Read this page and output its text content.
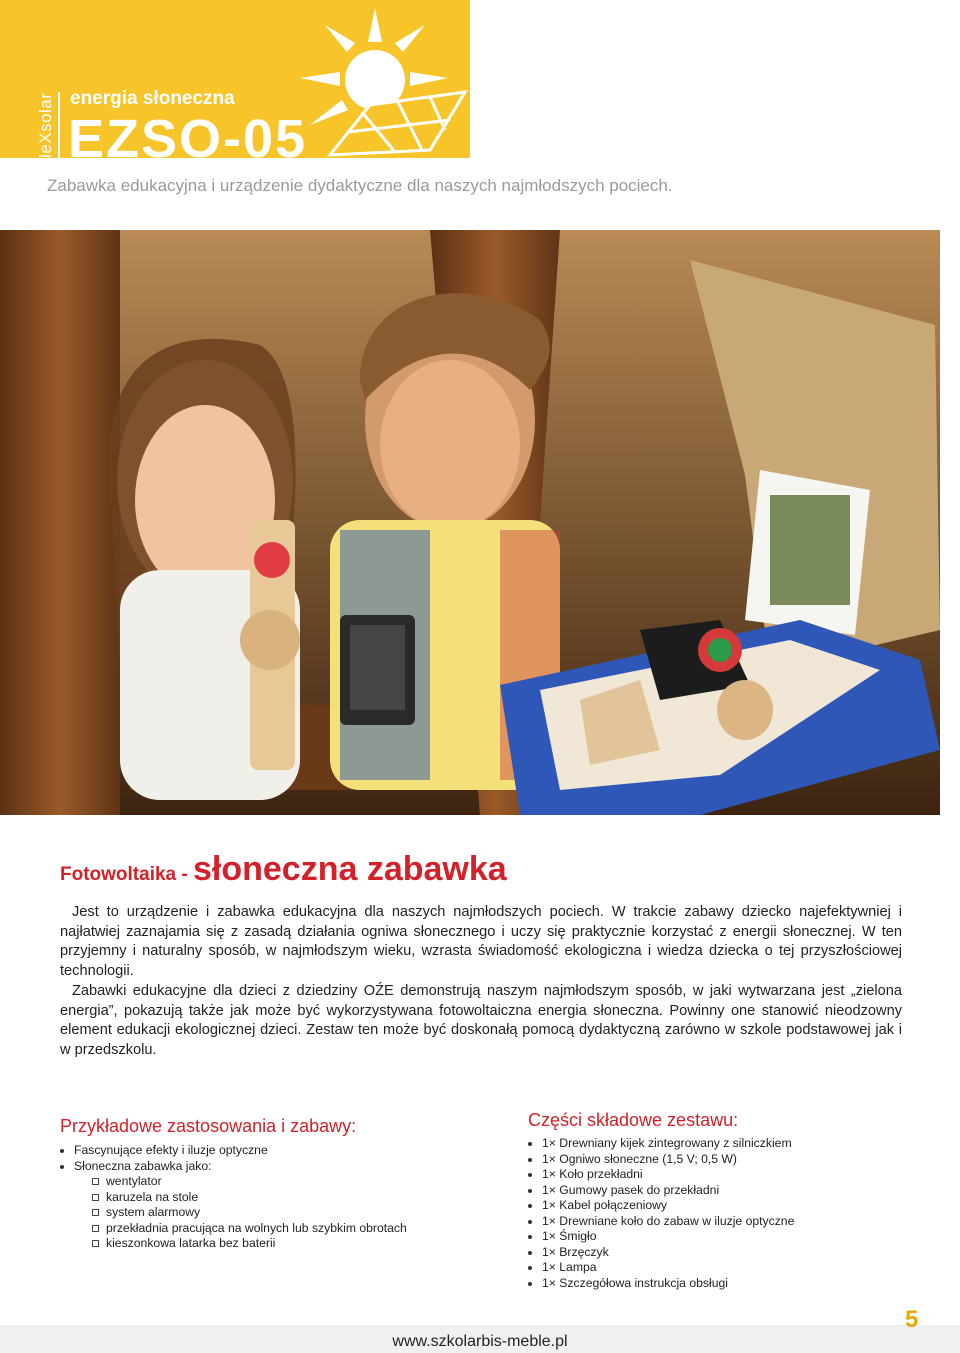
leXsolar energia słoneczna
EZSO-05
Zabawka edukacyjna i urządzenie dydaktyczne dla naszych najmłodszych pociech.
Fotowoltaika - słoneczna zabawka

Jest to urządzenie i zabawka edukacyjna dla naszych najmłodszych pociech. W trakcie zabawy dziecko najefektywniej i najłatwiej zaznajamia się z zasadą działania ogniwa słonecznego i uczy się praktycznie korzystać z energii słonecznej. W ten przyjemny i naturalny sposób, w najmłodszym wieku, wzrasta świadomość ekologiczna i wiedza dziecka o tej przyszłościowej technologii.

Zabawki edukacyjne dla dzieci z dziedziny OŹE demonstrują naszym najmłodszym sposób, w jaki wytwarzana jest „zielona energia”, pokazują także jak może być wykorzystywana fotowoltaiczna energia słoneczna. Powinny one stanowić nieodzowny element edukacji ekologicznej dzieci. Zestaw ten może być doskonałą pomocą dydaktyczną zarówno w szkole podstawowej jak i w przedszkolu.

Przykładowe zastosowania i zabawy:
Fascynujące efekty i iluzje optyczne
Słoneczna zabawka jako:
wentylator
karuzela na stole
system alarmowy
przekładnia pracująca na wolnych lub szybkim obrotach
kieszonkowa latarka bez baterii
Części składowe zestawu:
1× Drewniany kijek zintegrowany z silniczkiem
1× Ogniwo słoneczne (1,5 V; 0,5 W)
1× Koło przekładni
1× Gumowy pasek do przekładni
1× Kabel połączeniowy
1× Drewniane koło do zabaw w iluzje optyczne
1× Śmigło
1× Brzęczyk
1× Lampa
1× Szczegółowa instrukcja obsługi
www.szkolarbis-meble.pl
5
